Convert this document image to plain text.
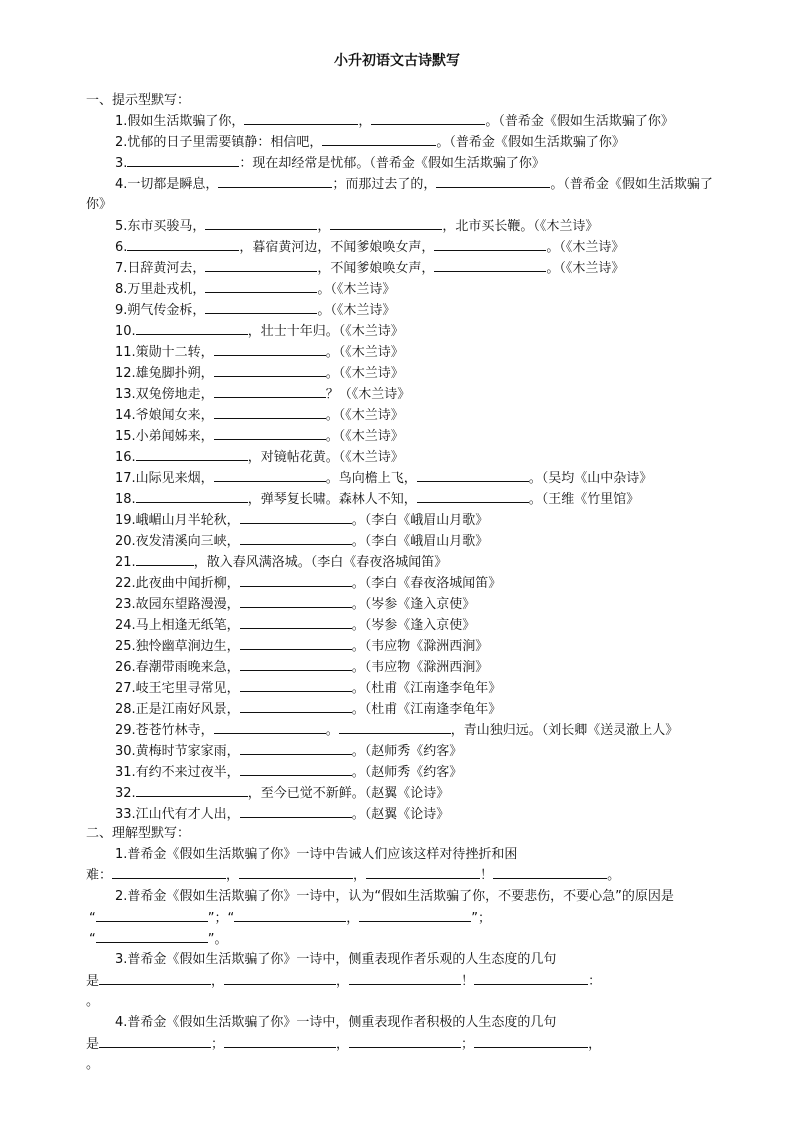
小升初语文古诗默写
一、提示型默写：
二、理解型默写：
1.假如生活欺骗了你，	，	。（普希金《假如生活欺骗了你》
2.忧郁的日子里需要镇静：相信吧，	。（普希金《假如生活欺骗了你》
3.	：现在却经常是忧郁。（普希金《假如生活欺骗了你》
4.一切都是瞬息，	；而那过去了的，	。（普希金《假如生活欺骗了
你》
5.东市买骏马，	，	，北市买长鞭。（《木兰诗》
6.	，暮宿黄河边，不闻爹娘唤女声，	。（《木兰诗》
7.日辞黄河去，	，不闻爹娘唤女声，	。（《木兰诗》
8.万里赴戎机，	。（《木兰诗》
9.朔气传金柝，	。（《木兰诗》
10.	，壮士十年归。（《木兰诗》
11.策勋十二转，	。（《木兰诗》
12.雄兔脚扑朔，	。（《木兰诗》
13.双兔傍地走，	？（《木兰诗》
14.爷娘闻女来，	。（《木兰诗》
15.小弟闻姊来，	。（《木兰诗》
16.	，对镜帖花黄。（《木兰诗》
17.山际见来烟，	。鸟向檐上飞，	。（吴均《山中杂诗》
18.	，弹琴复长啸。森林人不知，	。（王维《竹里馆》
19.峨嵋山月半轮秋，	。（李白《峨眉山月歌》
20.夜发清溪向三峡，	。（李白《峨眉山月歌》
21.	，散入春风满洛城。（李白《春夜洛城闻笛》
22.此夜曲中闻折柳，	。（李白《春夜洛城闻笛》
23.故园东望路漫漫，	。（岑参《逢入京使》
24.马上相逢无纸笔，	。（岑参《逢入京使》
25.独怜幽草涧边生，	。（韦应物《滁洲西涧》
26.春潮带雨晚来急，	。（韦应物《滁洲西涧》
27.岐王宅里寻常见，	。（杜甫《江南逢李龟年》
28.正是江南好风景，	。（杜甫《江南逢李龟年》
29.苍苍竹林寺，	。	，青山独归远。（刘长卿《送灵澈上人》
30.黄梅时节家家雨，	。（赵师秀《约客》
31.有约不来过夜半，	。（赵师秀《约客》
32.	，至今已觉不新鲜。（赵翼《论诗》
33.江山代有才人出，	。（赵翼《论诗》
1.普希金《假如生活欺骗了你》一诗中告诫人们应该这样对待挫折和困
难：	，	，	！	。
2.普希金《假如生活欺骗了你》一诗中，认为“假如生活欺骗了你，不要悲伤，不要心急”的原因是
“	”；“	，	”；
“	”。
3.普希金《假如生活欺骗了你》一诗中，侧重表现作者乐观的人生态度的几句
是	，	，	！	：
。
4.普希金《假如生活欺骗了你》一诗中，侧重表现作者积极的人生态度的几句
是	；	，	；	，
。
